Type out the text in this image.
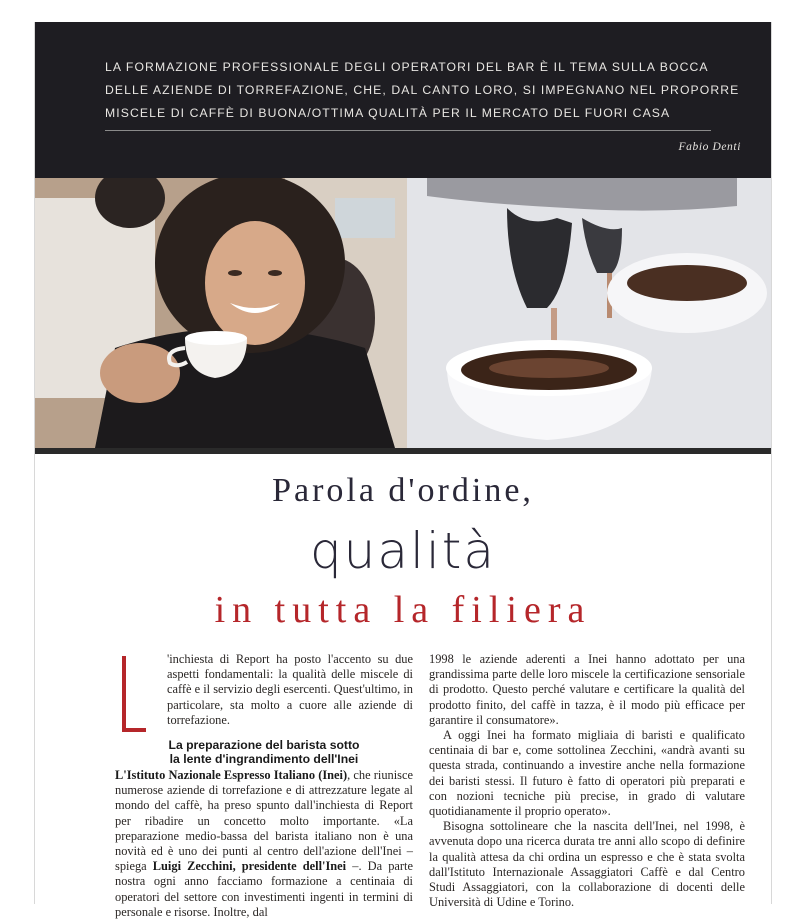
LA FORMAZIONE PROFESSIONALE DEGLI OPERATORI DEL BAR È IL TEMA SULLA BOCCA DELLE AZIENDE DI TORREFAZIONE, CHE, DAL CANTO LORO, SI IMPEGNANO NEL PROPORRE MISCELE DI CAFFÈ DI BUONA/OTTIMA QUALITÀ PER IL MERCATO DEL FUORI CASA
Fabio Denti
Parola d'ordine,
qualità
in tutta la filiera

'inchiesta di Report ha posto l'accento su due aspetti fondamentali: la qualità delle miscele di caffè e il servizio degli esercenti. Quest'ultimo, in particolare, sta molto a cuore alle aziende di torrefazione.

La preparazione del barista sotto
la lente d'ingrandimento dell'Inei

L'Istituto Nazionale Espresso Italiano (Inei), che riunisce numerose aziende di torrefazione e di attrezzature legate al mondo del caffè, ha preso spunto dall'inchiesta di Report per ribadire un concetto molto importante. «La preparazione medio-bassa del barista italiano non è una novità ed è uno dei punti al centro dell'azione dell'Inei – spiega Luigi Zecchini, presidente dell'Inei –. Da parte nostra ogni anno facciamo formazione a centinaia di operatori del settore con investimenti ingenti in termini di personale e risorse. Inoltre, dal

1998 le aziende aderenti a Inei hanno adottato per una grandissima parte delle loro miscele la certificazione sensoriale di prodotto. Questo perché valutare e certificare la qualità del prodotto finito, del caffè in tazza, è il modo più efficace per garantire il consumatore».

A oggi Inei ha formato migliaia di baristi e qualificato centinaia di bar e, come sottolinea Zecchini, «andrà avanti su questa strada, continuando a investire anche nella formazione dei baristi stessi. Il futuro è fatto di operatori più preparati e con nozioni tecniche più precise, in grado di valutare quotidianamente il proprio operato».

Bisogna sottolineare che la nascita dell'Inei, nel 1998, è avvenuta dopo una ricerca durata tre anni allo scopo di definire la qualità attesa da chi ordina un espresso e che è stata svolta dall'Istituto Internazionale Assaggiatori Caffè e dal Centro Studi Assaggiatori, con la collaborazione di docenti delle Università di Udine e Torino.
